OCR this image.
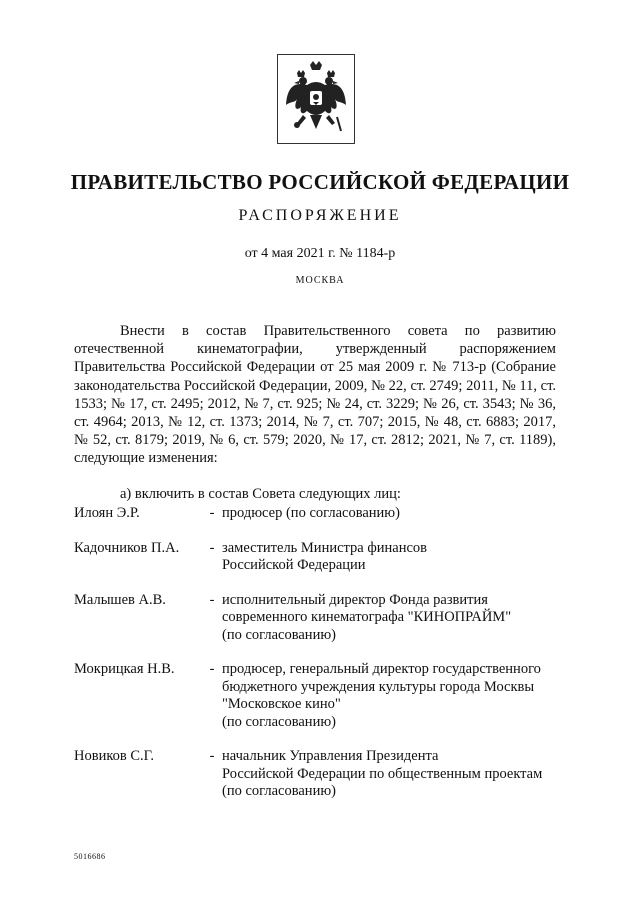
ПРАВИТЕЛЬСТВО РОССИЙСКОЙ ФЕДЕРАЦИИ
РАСПОРЯЖЕНИЕ
от 4 мая 2021 г. № 1184-р
МОСКВА

Внести в состав Правительственного совета по развитию отечественной кинематографии, утвержденный распоряжением Правительства Российской Федерации от 25 мая 2009 г. № 713-р (Собрание законодательства Российской Федерации, 2009, № 22, ст. 2749; 2011, № 11, ст. 1533; № 17, ст. 2495; 2012, № 7, ст. 925; № 24, ст. 3229; № 26, ст. 3543; № 36, ст. 4964; 2013, № 12, ст. 1373; 2014, № 7, ст. 707; 2015, № 48, ст. 6883; 2017, № 52, ст. 8179; 2019, № 6, ст. 579; 2020, № 17, ст. 2812; 2021, № 7, ст. 1189), следующие изменения:

а) включить в состав Совета следующих лиц:

Илоян Э.Р.	- продюсер (по согласованию)
Кадочников П.А.	- заместитель Министра финансов
Российской Федерации
Малышев А.В.	- исполнительный директор Фонда развития
современного кинематографа "КИНОПРАЙМ"
(по согласованию)
Мокрицкая Н.В.	- продюсер, генеральный директор государственного
бюджетного учреждения культуры города Москвы
"Московское кино"
(по согласованию)
Новиков С.Г.	- начальник Управления Президента
Российской Федерации по общественным проектам
(по согласованию)
5016686
